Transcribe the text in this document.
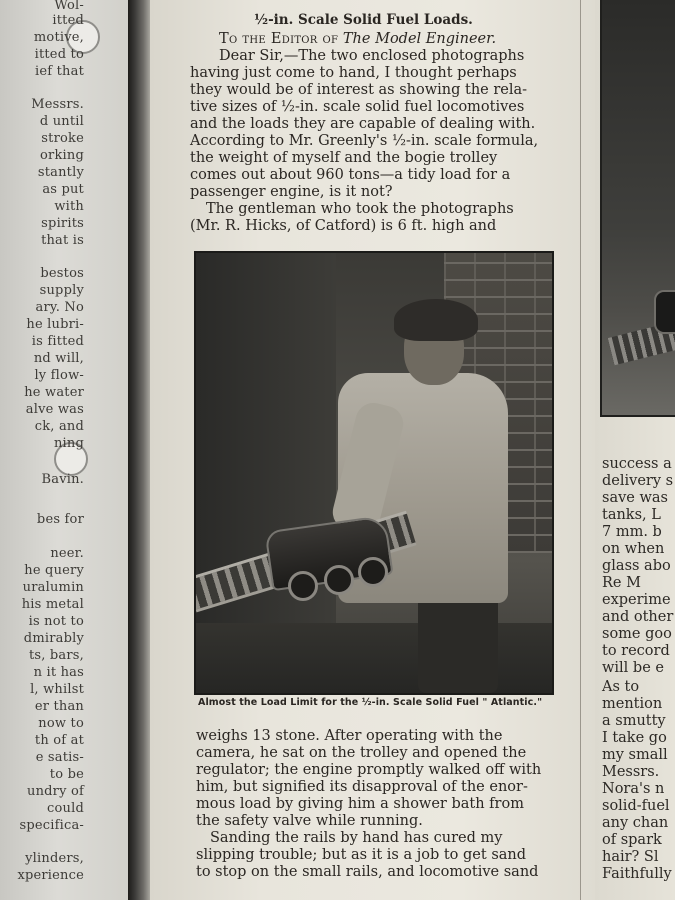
Wol-
itted
motive,
itted to
ief that
Messrs.
d until
stroke
orking
stantly
as put
with
spirits
that is
bestos
supply
ary. No
he lubri-
is fitted
nd will,
ly flow-
he water
alve was
ck, and
ning
Bavin.
bes for
neer.
he query
uralumin
his metal
is not to
dmirably
ts, bars,
n it has
l, whilst
er than
now to
th of at
e satis-
to be
undry of
could
specifica-
ylinders,
xperience
½-in. Scale Solid Fuel Loads.
To the Editor of The Model Engineer.
Dear Sir,—The two enclosed photographs
having just come to hand, I thought perhaps
they would be of interest as showing the rela-
tive sizes of ½-in. scale solid fuel locomotives
and the loads they are capable of dealing with.
According to Mr. Greenly's ½-in. scale formula,
the weight of myself and the bogie trolley
comes out about 960 tons—a tidy load for a
passenger engine, is it not?
The gentleman who took the photographs
(Mr. R. Hicks, of Catford) is 6 ft. high and
Almost the Load Limit for the ½-in. Scale Solid Fuel " Atlantic."
weighs 13 stone. After operating with the
camera, he sat on the trolley and opened the
regulator; the engine promptly walked off with
him, but signified its disapproval of the enor-
mous load by giving him a shower bath from
the safety valve while running.
Sanding the rails by hand has cured my
slipping trouble; but as it is a job to get sand
to stop on the small rails, and locomotive sand
success a
delivery s
save was
tanks, L
7 mm. b
on when
glass abo
Re M
experime
and other
some goo
to record
will be e
As to
mention
a smutty
I take go
my small
Messrs.
Nora's n
solid-fuel
any chan
of spark
hair? Sl
Faithfully
